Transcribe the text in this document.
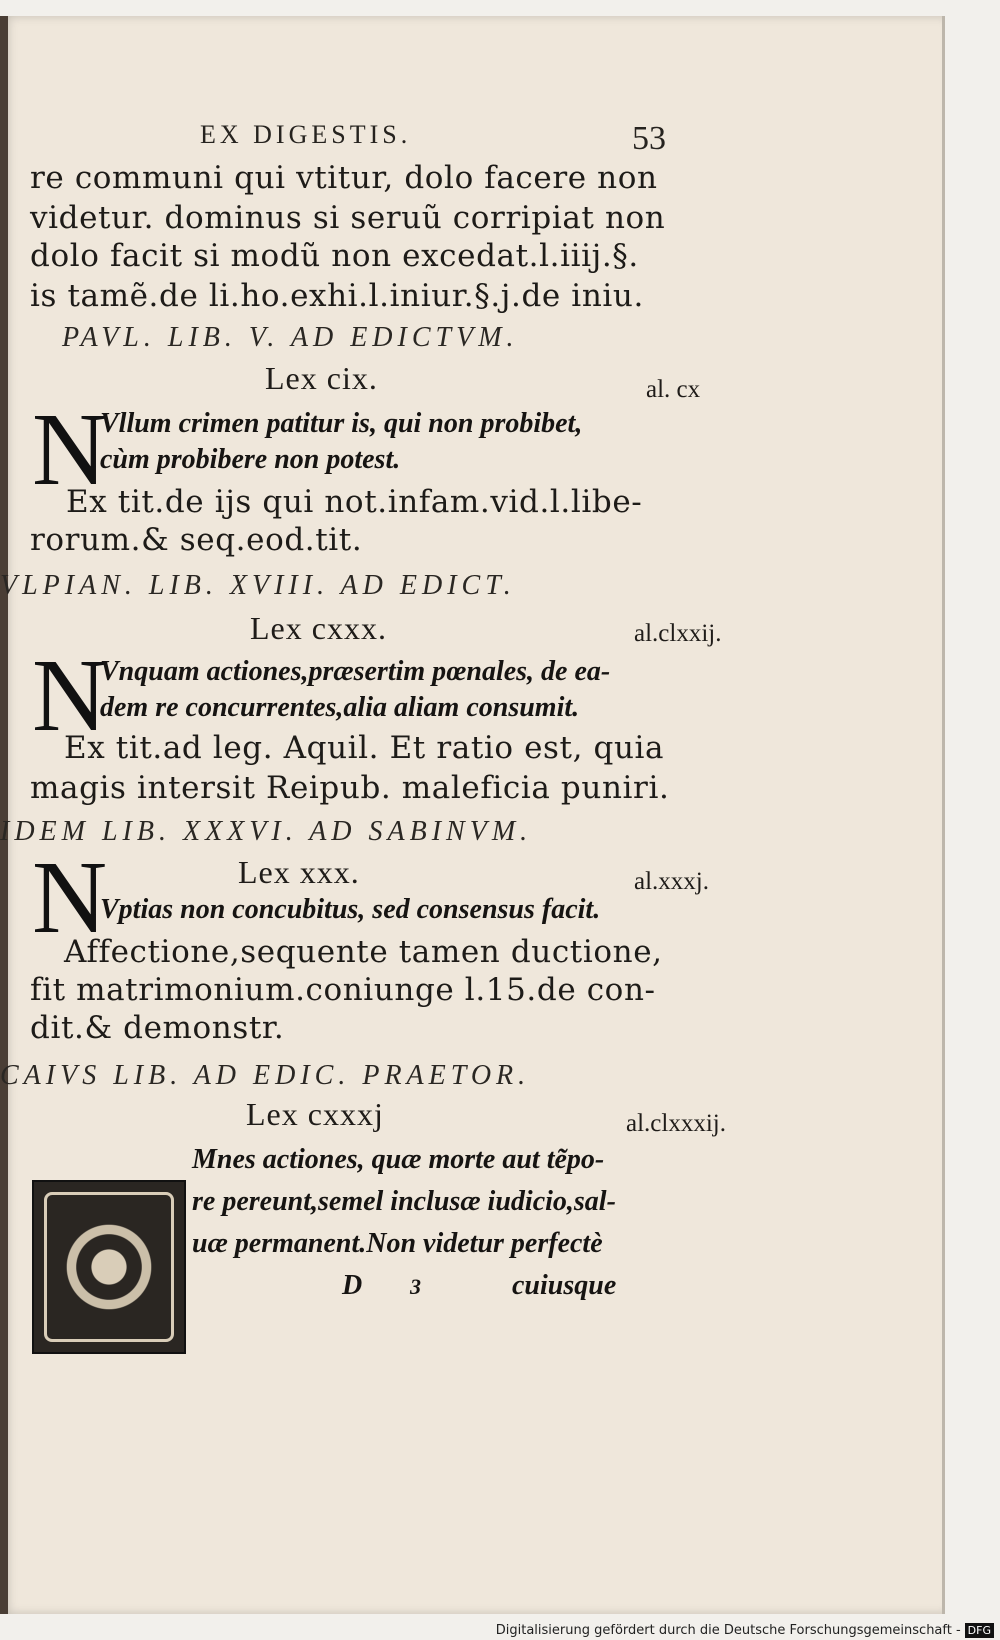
EX DIGESTIS.	53
re communi qui vtitur, dolo facere non
videtur. dominus si seruũ corripiat non
dolo facit si modũ non excedat.l.iiij.§.
is tamẽ.de li.ho.exhi.l.iniur.§.j.de iniu.
PAVL. LIB. V. AD EDICTVM.
Lex cix.	al. cx
N
Vllum crimen patitur is, qui non probibet,
cùm probibere non potest.
Ex tit.de ijs qui not.infam.vid.l.libe-
rorum.& seq.eod.tit.
VLPIAN. LIB. XVIII. AD EDICT.
Lex cxxx.	al.clxxij.
N
Vnquam actiones,præsertim pœnales, de ea-
dem re concurrentes,alia aliam consumit.
Ex tit.ad leg. Aquil. Et ratio est, quia
magis intersit Reipub. maleficia puniri.
IDEM LIB. XXXVI. AD SABINVM.
N	Lex xxx.	al.xxxj.
Vptias non concubitus, sed consensus facit.
Affectione,sequente tamen ductione,
fit matrimonium.coniunge l.15.de con-
dit.& demonstr.
CAIVS LIB. AD EDIC. PRAETOR.
Lex cxxxj	al.clxxxij.
Mnes actiones, quæ morte aut tẽpo-
re pereunt,semel inclusæ iudicio,sal-
uæ permanent.Non videtur perfectè
D 3	cuiusque
Digitalisierung gefördert durch die Deutsche Forschungsgemeinschaft - DFG
